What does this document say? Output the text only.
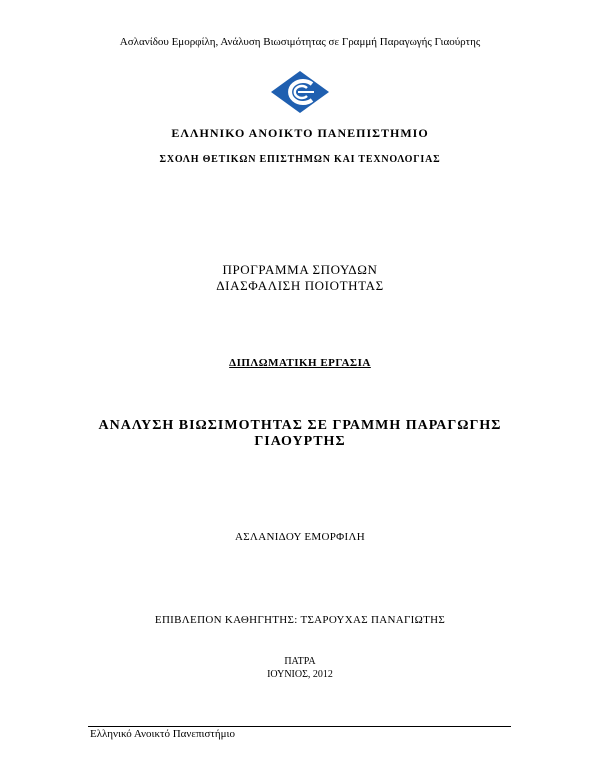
Ασλανίδου Εμορφίλη, Ανάλυση Βιωσιμότητας σε Γραμμή Παραγωγής Γιαούρτης
ΕΛΛΗΝΙΚΟ ΑΝΟΙΚΤΟ ΠΑΝΕΠΙΣΤΗΜΙΟ
ΣΧΟΛΗ ΘΕΤΙΚΩΝ ΕΠΙΣΤΗΜΩΝ ΚΑΙ ΤΕΧΝΟΛΟΓΙΑΣ
ΠΡΟΓΡΑΜΜΑ ΣΠΟΥΔΩΝ
ΔΙΑΣΦΑΛΙΣΗ ΠΟΙΟΤΗΤΑΣ
ΔΙΠΛΩΜΑΤΙΚΗ ΕΡΓΑΣΙΑ
ΑΝΑΛΥΣΗ ΒΙΩΣΙΜΟΤΗΤΑΣ ΣΕ ΓΡΑΜΜΗ ΠΑΡΑΓΩΓΗΣ
ΓΙΑΟΥΡΤΗΣ
ΑΣΛΑΝΙΔΟΥ ΕΜΟΡΦΙΛΗ
ΕΠΙΒΛΕΠΟΝ ΚΑΘΗΓΗΤΗΣ: ΤΣΑΡΟΥΧΑΣ ΠΑΝΑΓΙΩΤΗΣ
ΠΑΤΡΑ
ΙΟΥΝΙΟΣ, 2012
Ελληνικό Ανοικτό Πανεπιστήμιο
